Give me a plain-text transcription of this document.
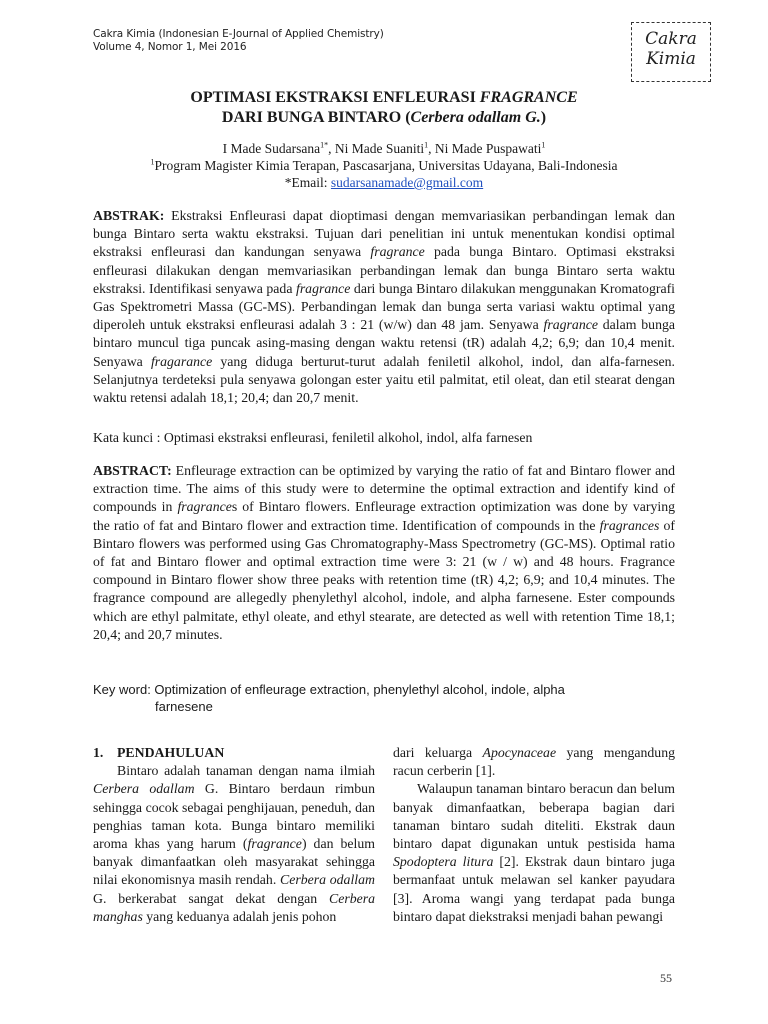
Cakra Kimia (Indonesian E-Journal of Applied Chemistry)
Volume 4, Nomor 1, Mei 2016	Cakra
Kimia
OPTIMASI EKSTRAKSI ENFLEURASI FRAGRANCE
DARI BUNGA BINTARO (Cerbera odallam G.)
I Made Sudarsana$^{1*}$, Ni Made Suaniti$^1$, Ni Made Puspawati$^1$
$^1$Program Magister Kimia Terapan, Pascasarjana, Universitas Udayana, Bali-Indonesia
*Email: sudarsanamade@gmail.com
ABSTRAK: Ekstraksi Enfleurasi dapat dioptimasi dengan memvariasikan perbandingan lemak dan bunga Bintaro serta waktu ekstraksi. Tujuan dari penelitian ini untuk menentukan kondisi optimal ekstraksi enfleurasi dan kandungan senyawa fragrance pada bunga Bintaro. Optimasi ekstraksi enfleurasi dilakukan dengan memvariasikan perbandingan lemak dan bunga Bintaro serta waktu ekstraksi. Identifikasi senyawa pada fragrance dari bunga Bintaro dilakukan menggunakan Kromatografi Gas Spektrometri Massa (GC-MS). Perbandingan lemak dan bunga serta variasi waktu optimal yang diperoleh untuk ekstraksi enfleurasi adalah 3 : 21 (w/w) dan 48 jam. Senyawa fragrance dalam bunga bintaro muncul tiga puncak asing-masing dengan waktu retensi (tR) adalah 4,2; 6,9; dan 10,4 menit. Senyawa fragarance yang diduga berturut-turut adalah feniletil alkohol, indol, dan alfa-farnesen. Selanjutnya terdeteksi pula senyawa golongan ester yaitu etil palmitat, etil oleat, dan etil stearat dengan waktu retensi adalah 18,1; 20,4; dan 20,7 menit.
Kata kunci : Optimasi ekstraksi enfleurasi, feniletil alkohol, indol, alfa farnesen
ABSTRACT: Enfleurage extraction can be optimized by varying the ratio of fat and Bintaro flower and extraction time. The aims of this study were to determine the optimal extraction and identify kind of compounds in fragrances of Bintaro flowers. Enfleurage extraction optimization was done by varying the ratio of fat and Bintaro flower and extraction time. Identification of compounds in the fragrances of Bintaro flowers was performed using Gas Chromatography-Mass Spectrometry (GC-MS). Optimal ratio of fat and Bintaro flower and optimal extraction time were 3: 21 (w / w) and 48 hours. Fragrance compound in Bintaro flower show three peaks with retention time (tR) 4,2; 6,9; and 10,4 minutes. The fragrance compound are allegedly phenylethyl alcohol, indole, and alpha farnesene. Ester compounds which are ethyl palmitate, ethyl oleate, and ethyl stearate, are detected as well with retention Time 18,1; 20,4; and 20,7 minutes.
Key word: Optimization of enfleurage extraction, phenylethyl alcohol, indole, alpha
farnesene
1. PENDAHULUAN

Bintaro adalah tanaman dengan nama ilmiah Cerbera odallam G. Bintaro berdaun rimbun sehingga cocok sebagai penghijauan, peneduh, dan penghias taman kota. Bunga bintaro memiliki aroma khas yang harum (fragrance) dan belum banyak dimanfaatkan oleh masyarakat sehingga nilai ekonomisnya masih rendah. Cerbera odallam G. berkerabat sangat dekat dengan Cerbera manghas yang keduanya adalah jenis pohon

dari keluarga Apocynaceae yang mengandung racun cerberin [1].

Walaupun tanaman bintaro beracun dan belum banyak dimanfaatkan, beberapa bagian dari tanaman bintaro sudah diteliti. Ekstrak daun bintaro dapat digunakan untuk pestisida hama Spodoptera litura [2]. Ekstrak daun bintaro juga bermanfaat untuk melawan sel kanker payudara [3]. Aroma wangi yang terdapat pada bunga bintaro dapat diekstraksi menjadi bahan pewangi

55
